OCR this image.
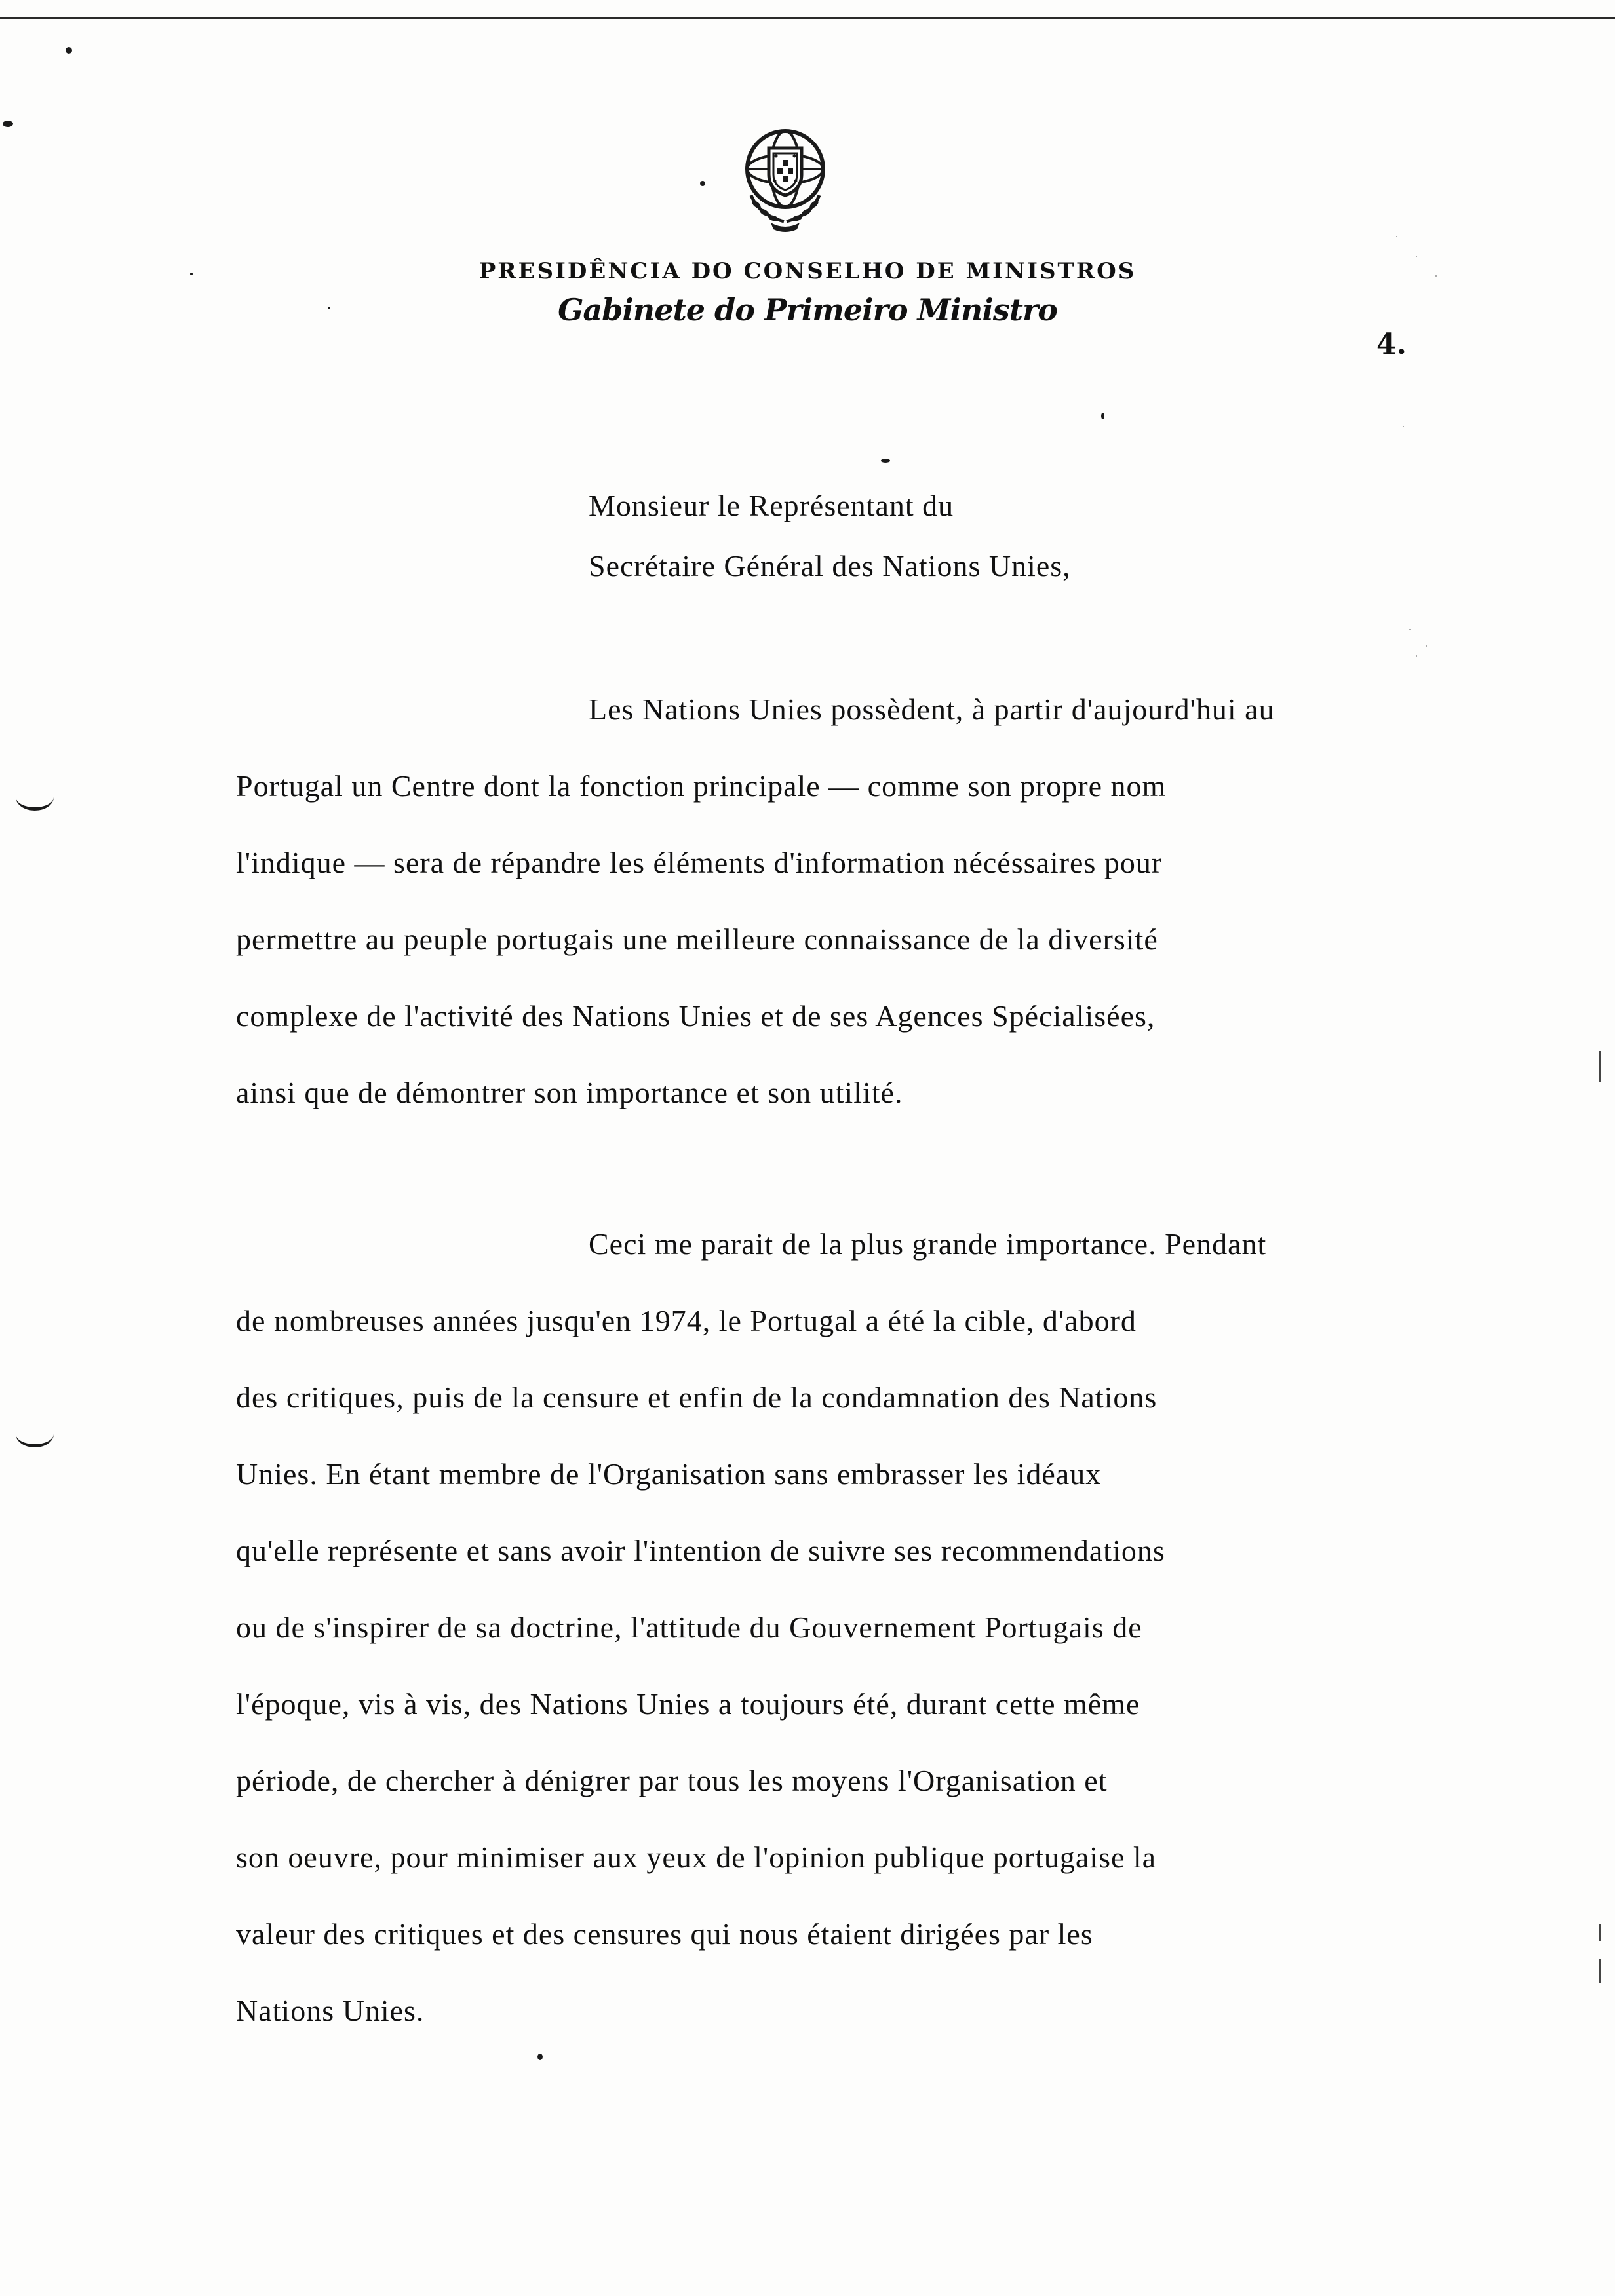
PRESIDÊNCIA DO CONSELHO DE MINISTROS
Gabinete do Primeiro Ministro
4.
Monsieur le Représentant du
Secrétaire Général des Nations Unies,
Les Nations Unies possèdent, à partir d'aujourd'hui au
Portugal un Centre dont la fonction principale — comme son propre nom
l'indique — sera de répandre les éléments d'information nécéssaires pour
permettre au peuple portugais une meilleure connaissance de la diversité
complexe de l'activité des Nations Unies et de ses Agences Spécialisées,
ainsi que de démontrer son importance et son utilité.
Ceci me parait de la plus grande importance. Pendant
de nombreuses années jusqu'en 1974, le Portugal a été la cible, d'abord
des critiques, puis de la censure et enfin de la condamnation des Nations
Unies. En étant membre de l'Organisation sans embrasser les idéaux
qu'elle représente et sans avoir l'intention de suivre ses recommendations
ou de s'inspirer de sa doctrine, l'attitude du Gouvernement Portugais de
l'époque, vis à vis, des Nations Unies a toujours été, durant cette même
période, de chercher à dénigrer par tous les moyens l'Organisation et
son oeuvre, pour minimiser aux yeux de l'opinion publique portugaise la
valeur des critiques et des censures qui nous étaient dirigées par les
Nations Unies.
